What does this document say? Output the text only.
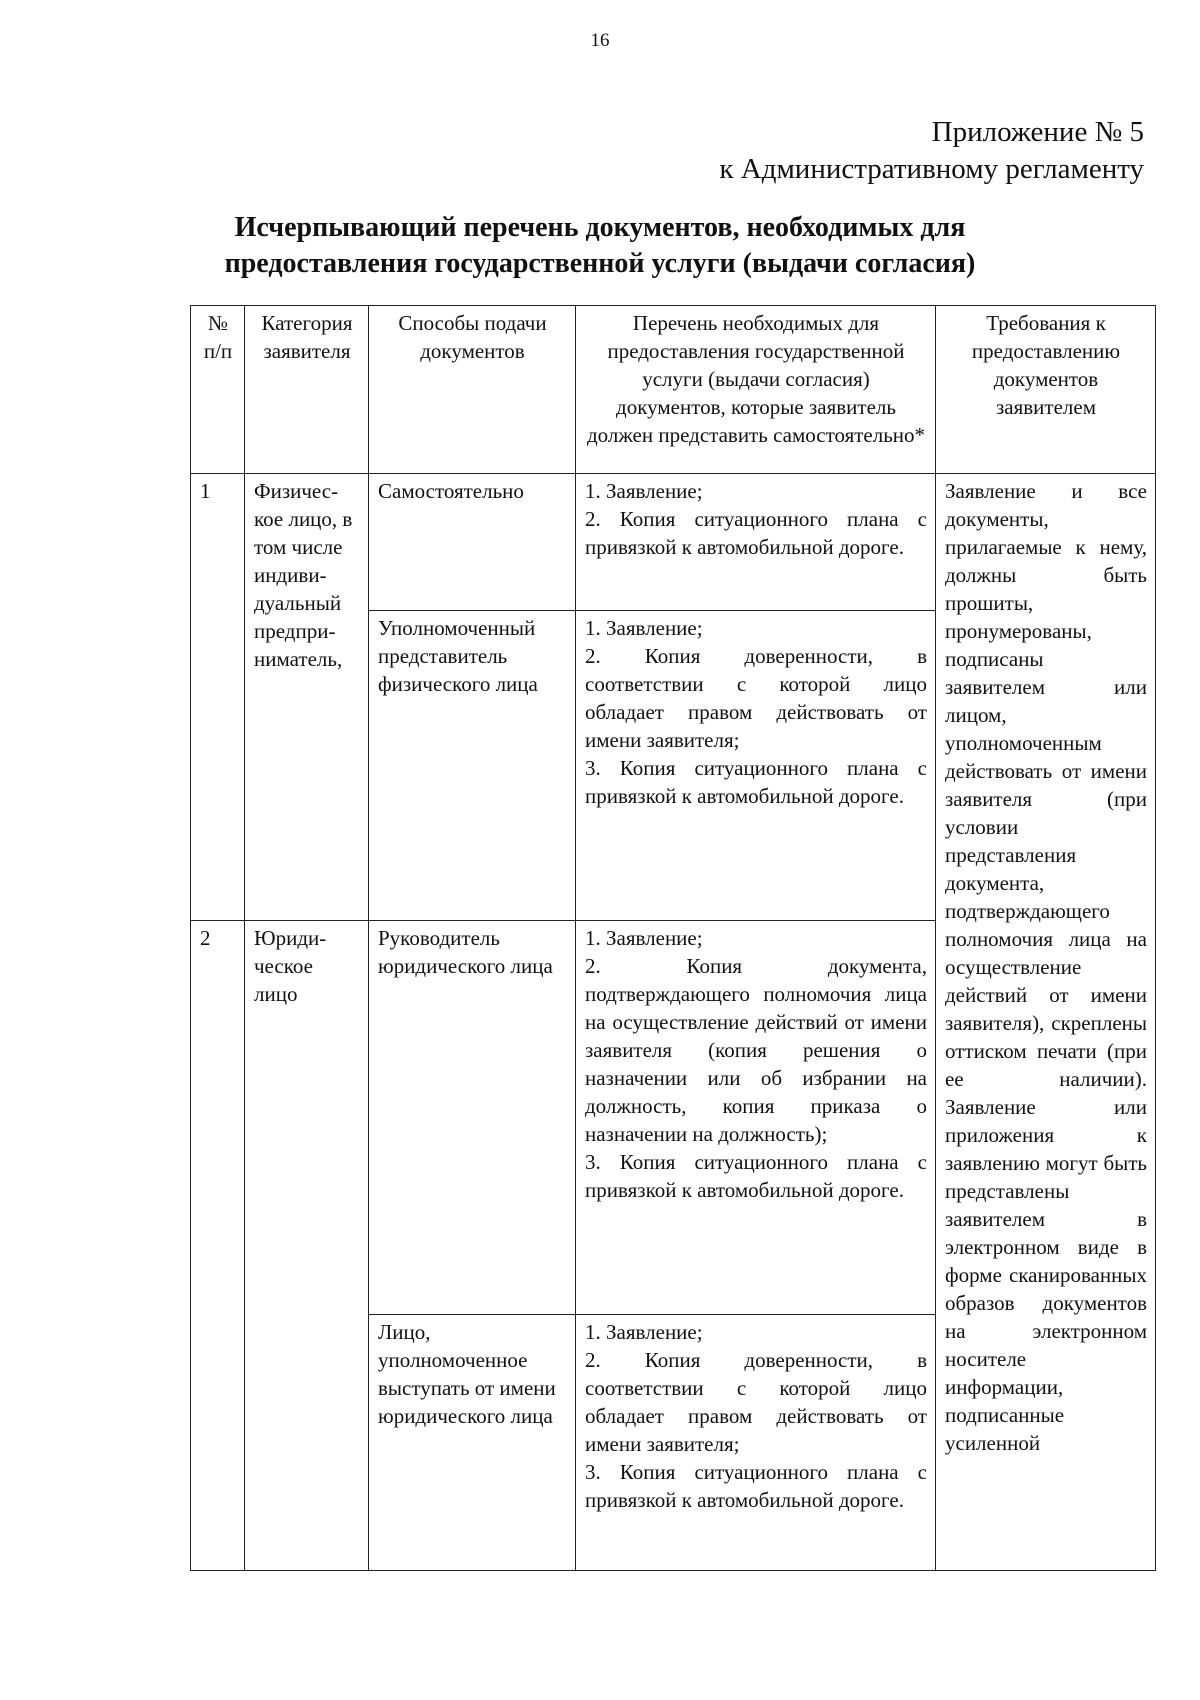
16
Приложение № 5
к Административному регламенту
Исчерпывающий перечень документов, необходимых для
предоставления государственной услуги (выдачи согласия)
№ п/п	Категория заявителя	Способы подачи документов	Перечень необходимых для предоставления государственной услуги (выдачи согласия) документов, которые заявитель должен представить самостоятельно*	Требования к предоставлению документов заявителем
1	Физичес-кое лицо, в том числе индиви-дуальный предпри-ниматель,	Самостоятельно	1. Заявление;
2. Копия ситуационного плана с привязкой к автомобильной дороге.	Заявление и все документы, прилагаемые к нему, должны быть прошиты, пронумерованы, подписаны заявителем или лицом, уполномоченным действовать от имени заявителя (при условии представления документа, подтверждающего полномочия лица на осуществление действий от имени заявителя), скреплены оттиском печати (при ее наличии). Заявление или приложения к заявлению могут быть представлены заявителем в электронном виде в форме сканированных образов документов на электронном носителе информации, подписанные усиленной
		Уполномоченный представитель физического лица	1. Заявление;
2. Копия доверенности, в соответствии с которой лицо обладает правом действовать от имени заявителя;
3. Копия ситуационного плана с привязкой к автомобильной дороге.	

2	Юриди-ческое лицо	Руководитель юридического лица	1. Заявление;
2. Копия документа, подтверждающего полномочия лица на осуществление действий от имени заявителя (копия решения о назначении или об избрании на должность, копия приказа о назначении на должность);
3. Копия ситуационного плана с привязкой к автомобильной дороге.	

		Лицо, уполномоченное выступать от имени юридического лица	1. Заявление;
2. Копия доверенности, в соответствии с которой лицо обладает правом действовать от имени заявителя;
3. Копия ситуационного плана с привязкой к автомобильной дороге.	
